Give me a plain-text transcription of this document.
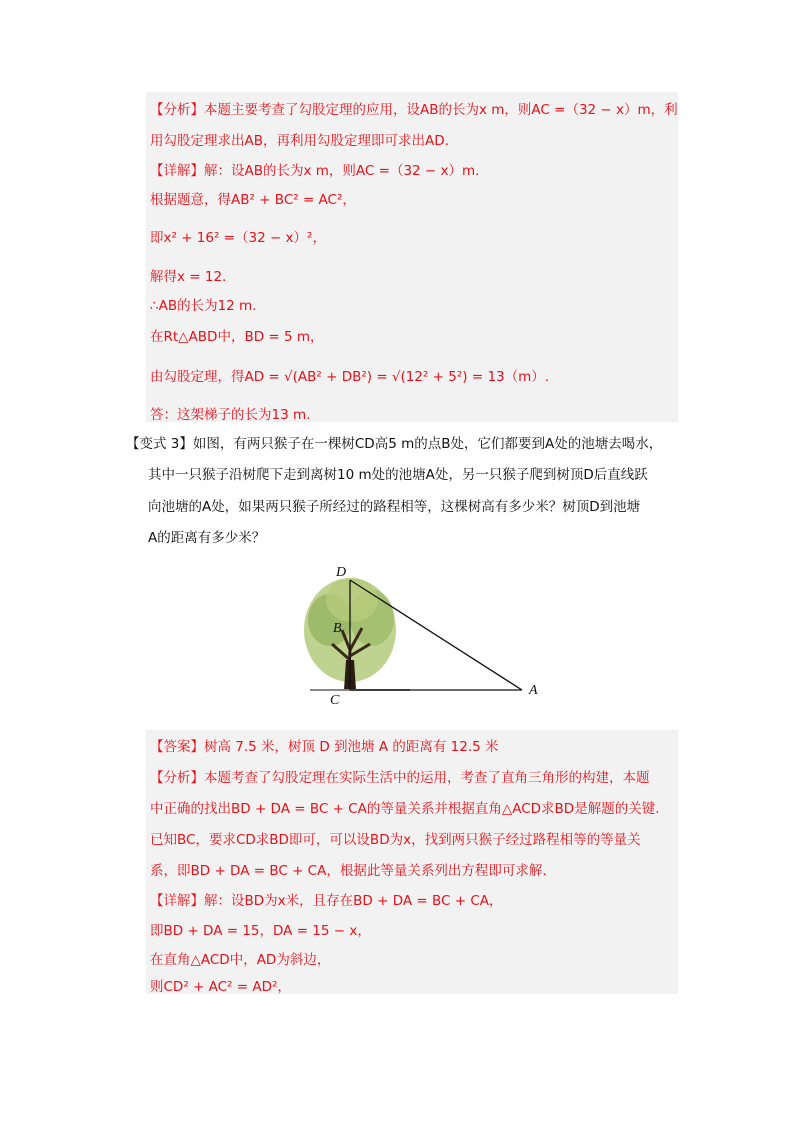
【分析】本题主要考查了勾股定理的应用，设AB的长为x m，则AC =（32 − x）m，利
用勾股定理求出AB，再利用勾股定理即可求出AD.
【详解】解：设AB的长为x m，则AC =（32 − x）m.
根据题意，得AB² + BC² = AC²，
即x² + 16² =（32 − x）²，
解得x = 12.
∴AB的长为12 m.
在Rt△ABD中，BD = 5 m，
由勾股定理，得AD = √(AB² + DB²) = √(12² + 5²) = 13（m）.
答：这架梯子的长为13 m.
【变式 3】如图，有两只猴子在一棵树CD高5 m的点B处，它们都要到A处的池塘去喝水，
其中一只猴子沿树爬下走到离树10 m处的池塘A处，另一只猴子爬到树顶D后直线跃
向池塘的A处，如果两只猴子所经过的路程相等，这棵树高有多少米？树顶D到池塘
A的距离有多少米？
D
B
C
A
【答案】树高 7.5 米，树顶 D 到池塘 A 的距离有 12.5 米
【分析】本题考查了勾股定理在实际生活中的运用，考查了直角三角形的构建，本题
中正确的找出BD + DA = BC + CA的等量关系并根据直角△ACD求BD是解题的关键.
已知BC，要求CD求BD即可，可以设BD为x，找到两只猴子经过路程相等的等量关
系，即BD + DA = BC + CA，根据此等量关系列出方程即可求解.
【详解】解：设BD为x米，且存在BD + DA = BC + CA，
即BD + DA = 15，DA = 15 − x，
在直角△ACD中，AD为斜边，
则CD² + AC² = AD²，
